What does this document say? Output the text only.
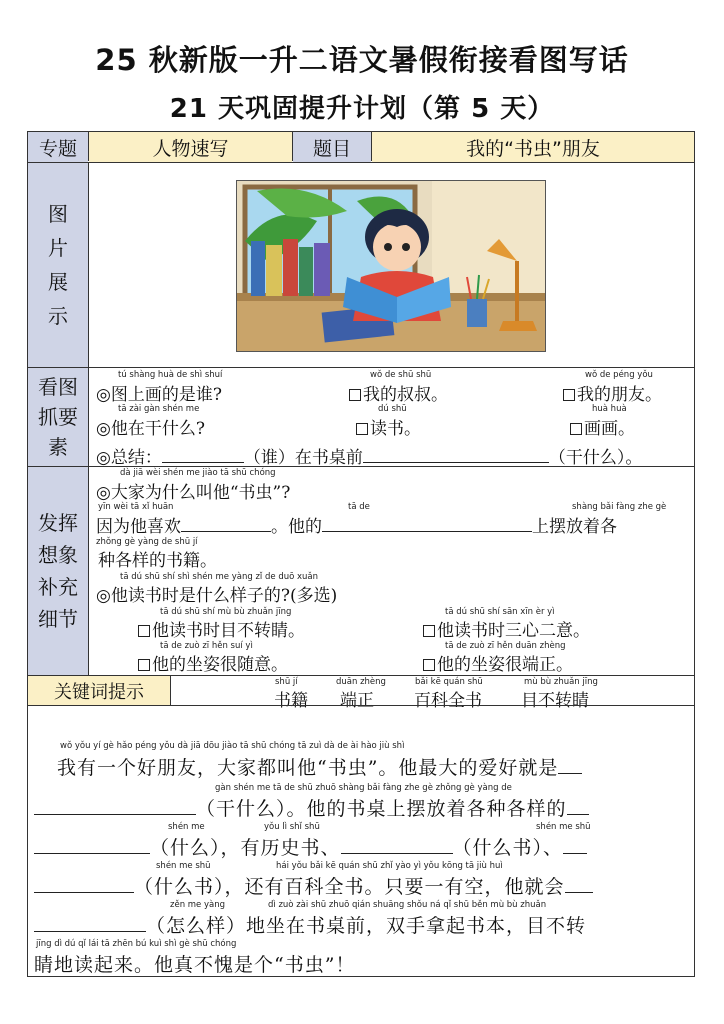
25 秋新版一升二语文暑假衔接看图写话
21 天巩固提升计划（第 5 天）
专题	人物速写	题目	我的“书虫”朋友
图
片
展
示
看图
抓要
素
tú shàng huà de shì shuí
◎图上画的是谁?
wǒ de shū shū
我的叔叔。
wǒ de péng yǒu
我的朋友。
tā zài gàn shén me
◎他在干什么?
dú shū
读书。
huà huà
画画。
◎总结：	（谁）在书桌前	（干什么）。
发挥
想象
补充
细节
dà jiā wèi shén me jiào tā shū chóng
◎大家为什么叫他“书虫”?
yīn wèi tā xǐ huān	tā de	shàng bǎi fàng zhe gè
因为他喜欢	。他的	上摆放着各
zhǒng gè yàng de shū jí
种各样的书籍。
tā dú shū shí shì shén me yàng zǐ de duō xuǎn
◎他读书时是什么样子的?(多选)
tā dú shū shí mù bù zhuǎn jīng
他读书时目不转睛。
tā dú shū shí sān xīn èr yì
他读书时三心二意。
tā de zuò zī hěn suí yì
他的坐姿很随意。
tā de zuò zī hěn duān zhèng
他的坐姿很端正。
关键词提示	shū jí
书籍
duān zhèng
端正
bǎi kē quán shū
百科全书
mù bù zhuǎn jīng
目不转睛
wǒ yǒu yí gè hǎo péng yǒu dà jiā dōu jiào tā shū chóng tā zuì dà de ài hào jiù shì
我有一个好朋友，大家都叫他“书虫”。他最大的爱好就是
gàn shén me tā de shū zhuō shàng bǎi fàng zhe gè zhǒng gè yàng de
（干什么）。他的书桌上摆放着各种各样的
shén me	yǒu lì shǐ shū	shén me shū
（什么），有历史书、	（什么书）、
shén me shū	hái yǒu bǎi kē quán shū zhǐ yào yì yǒu kōng tā jiù huì
（什么书），还有百科全书。只要一有空，他就会
zěn me yàng	dì zuò zài shū zhuō qián shuāng shǒu ná qǐ shū běn mù bù zhuǎn
（怎么样）地坐在书桌前，双手拿起书本，目不转
jīng dì dú qǐ lái tā zhēn bú kuì shì gè shū chóng
睛地读起来。他真不愧是个“书虫”！
